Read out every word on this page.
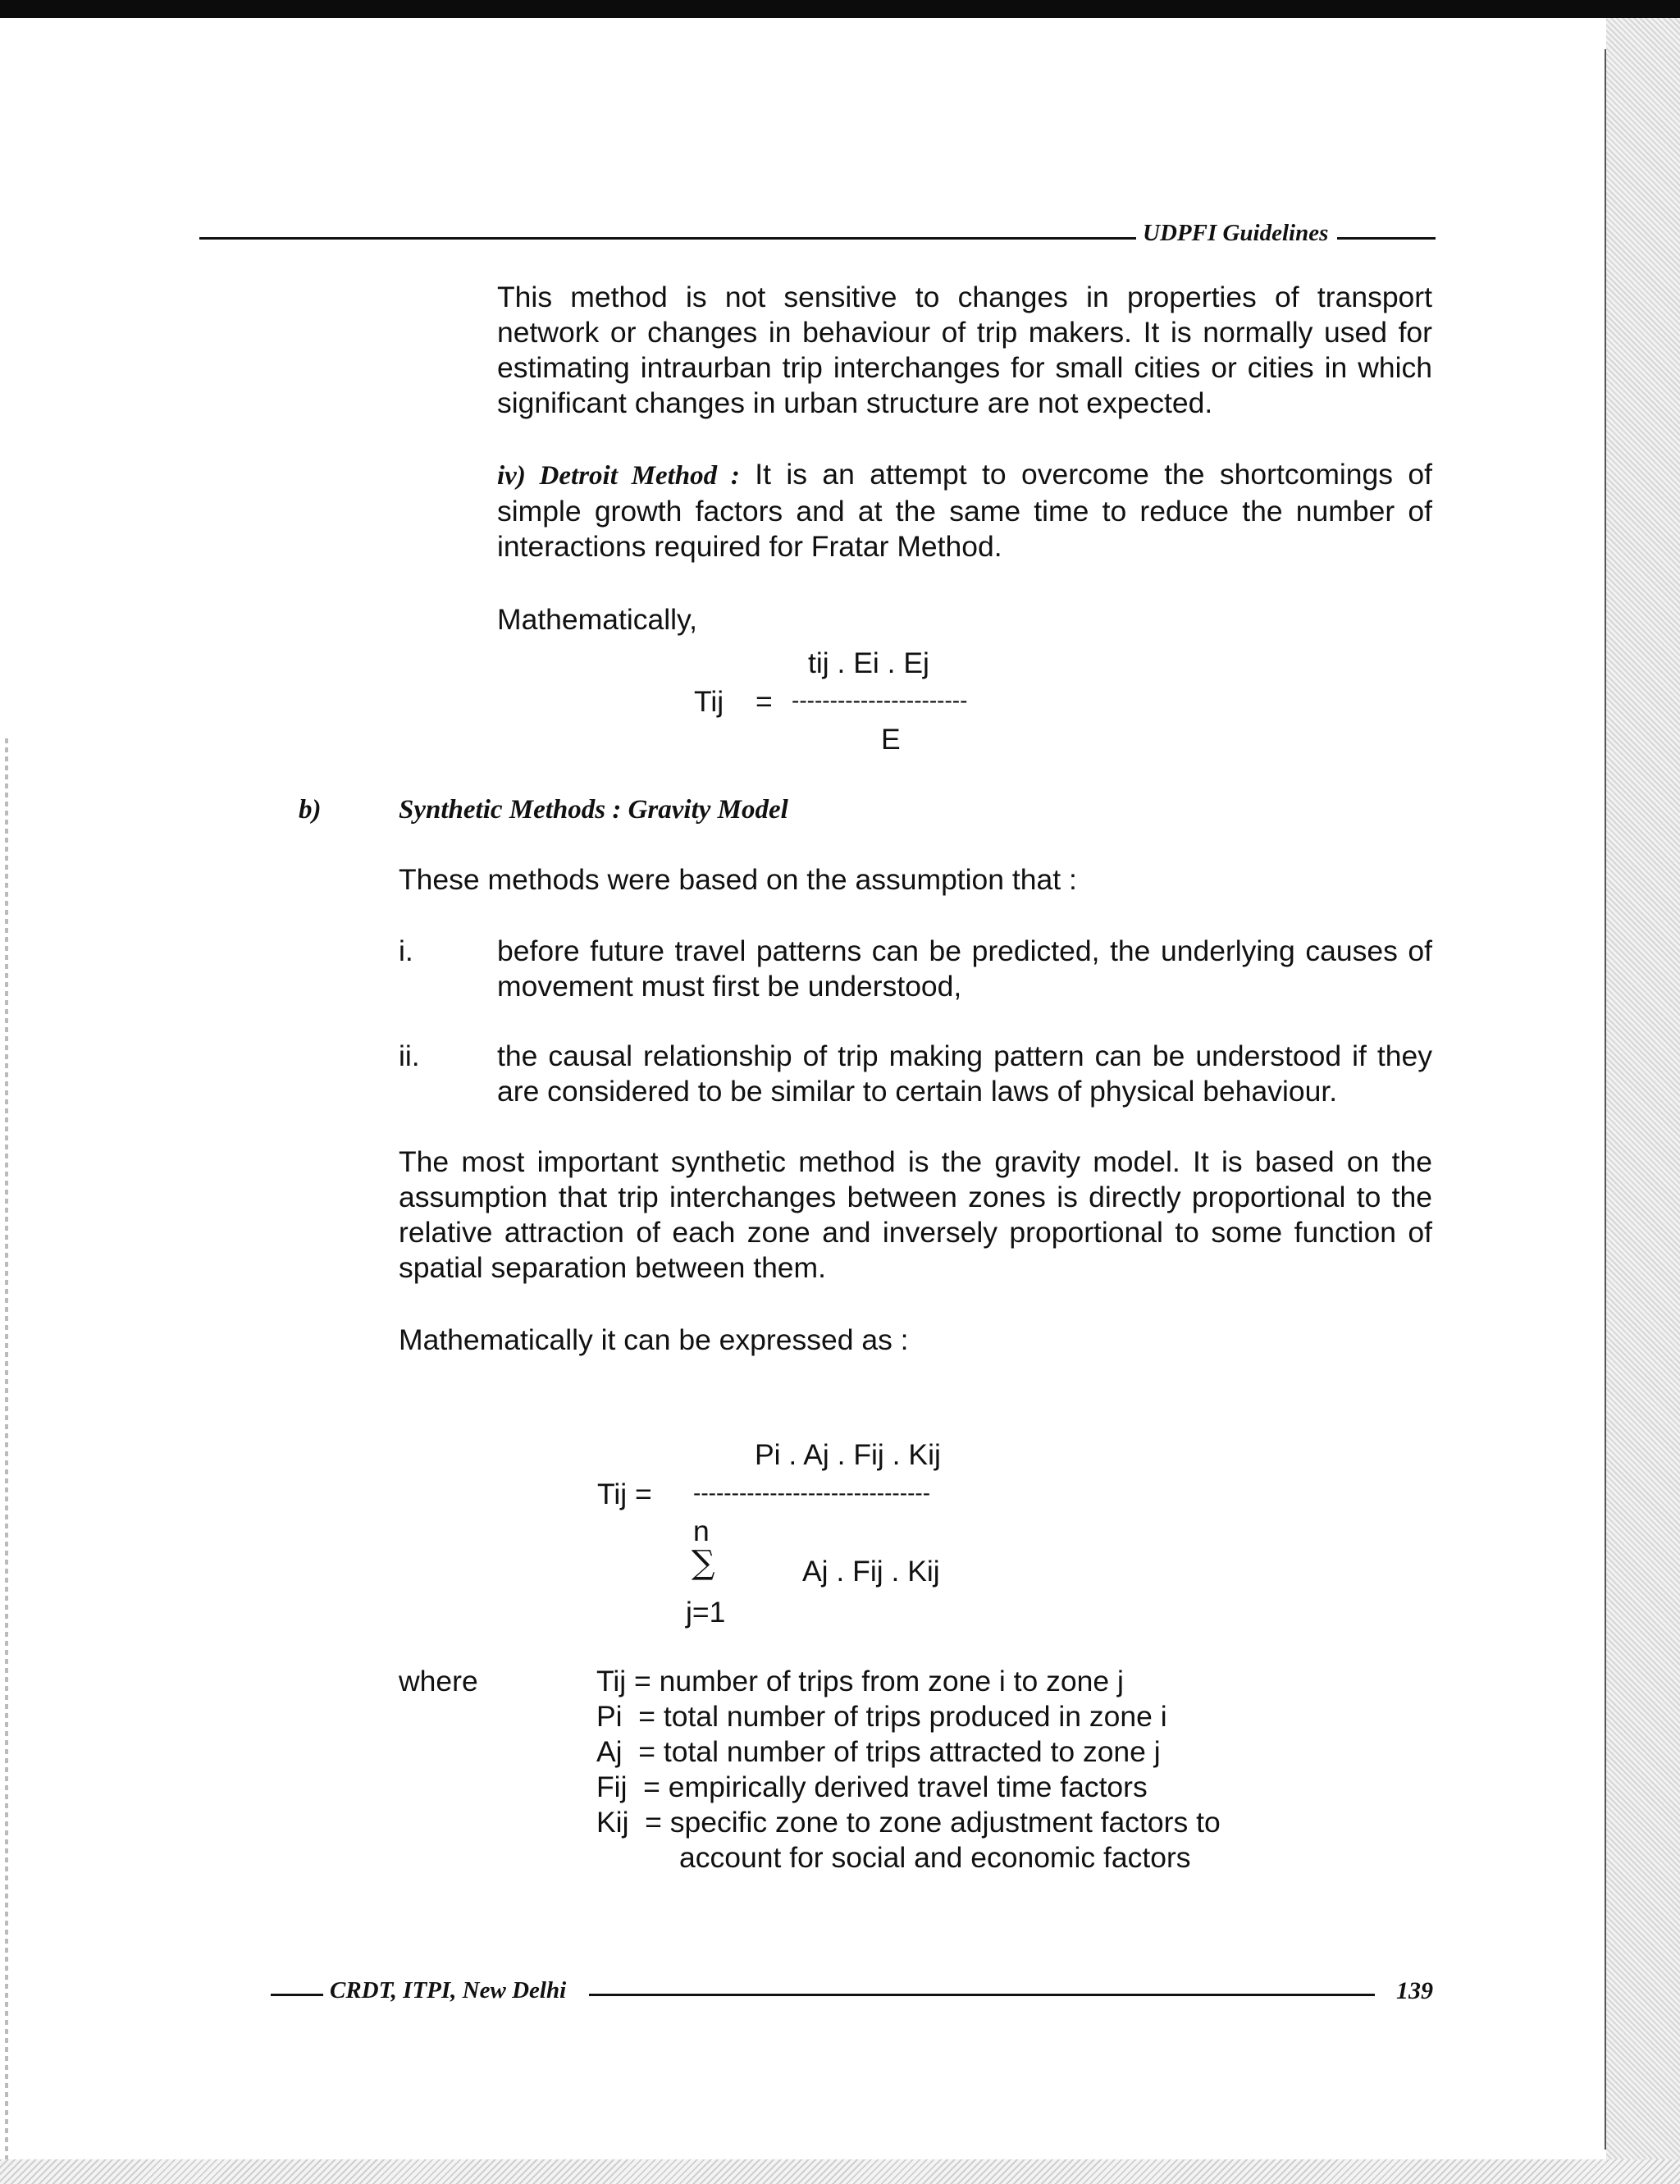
UDPFI Guidelines
This method is not sensitive to changes in properties of transport
network or changes in behaviour of trip makers. It is normally used for
estimating intraurban trip interchanges for small cities or cities in which
significant changes in urban structure are not expected.
iv) Detroit Method : It is an attempt to overcome the shortcomings of
simple growth factors and at the same time to reduce the number of
interactions required for Fratar Method.
Mathematically,
tij . Ei . Ej
Tij = -----------------------
E
b)	Synthetic Methods : Gravity Model
These methods were based on the assumption that :
i.	before future travel patterns can be predicted, the underlying causes of
movement must first be understood,
ii.	the causal relationship of trip making pattern can be understood if they
are considered to be similar to certain laws of physical behaviour.
The most important synthetic method is the gravity model. It is based on the
assumption that trip interchanges between zones is directly proportional to the
relative attraction of each zone and inversely proportional to some function of
spatial separation between them.
Mathematically it can be expressed as :
Pi . Aj . Fij . Kij
Tij = -------------------------------
n
∑	Aj . Fij . Kij
j=1
where	Tij = number of trips from zone i to zone j
Pi  = total number of trips produced in zone i
Aj  = total number of trips attracted to zone j
Fij  = empirically derived travel time factors
Kij  = specific zone to zone adjustment factors to
account for social and economic factors
CRDT, ITPI, New Delhi	139
